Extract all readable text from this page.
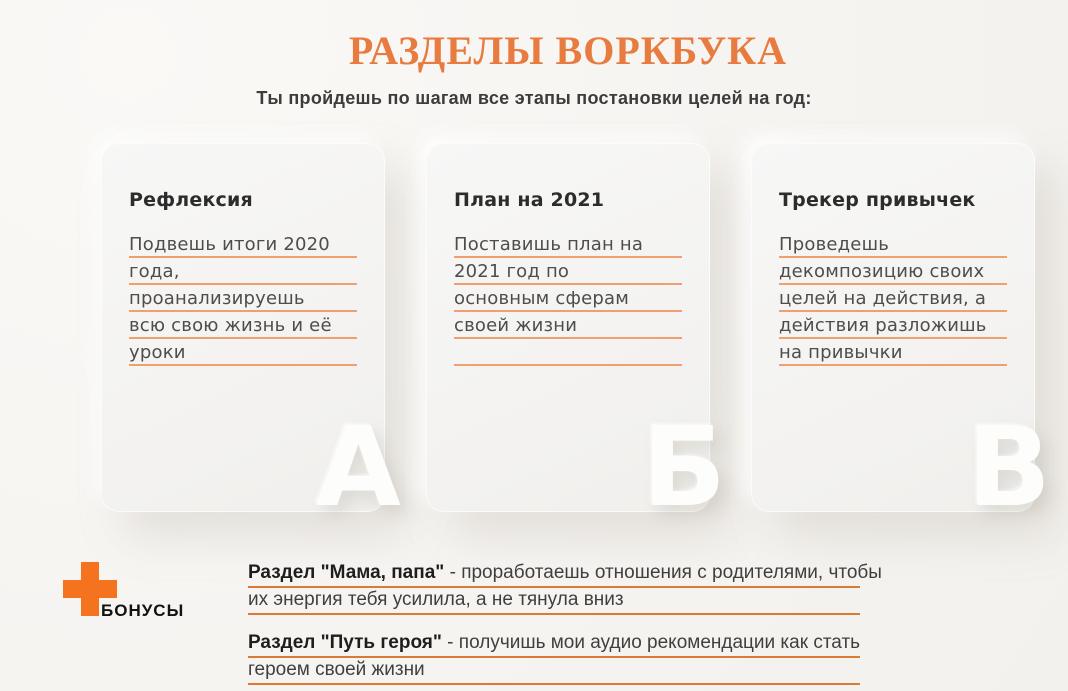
РАЗДЕЛЫ ВОРКБУКА
Ты пройдешь по шагам все этапы постановки целей на год:
Рефлексия
Подвешь итоги 2020
года,
проанализируешь
всю свою жизнь и её
уроки
А
План на 2021
Поставишь план на
2021 год по
основным сферам
своей жизни
Б
Трекер привычек
Проведешь
декомпозицию своих
целей на действия, а
действия разложишь
на привычки
В
БОНУСЫ
Раздел "Мама, папа" - проработаешь отношения с родителями, чтобы
их энергия тебя усилила, а не тянула вниз
Раздел "Путь героя" - получишь мои аудио рекомендации как стать
героем своей жизни
